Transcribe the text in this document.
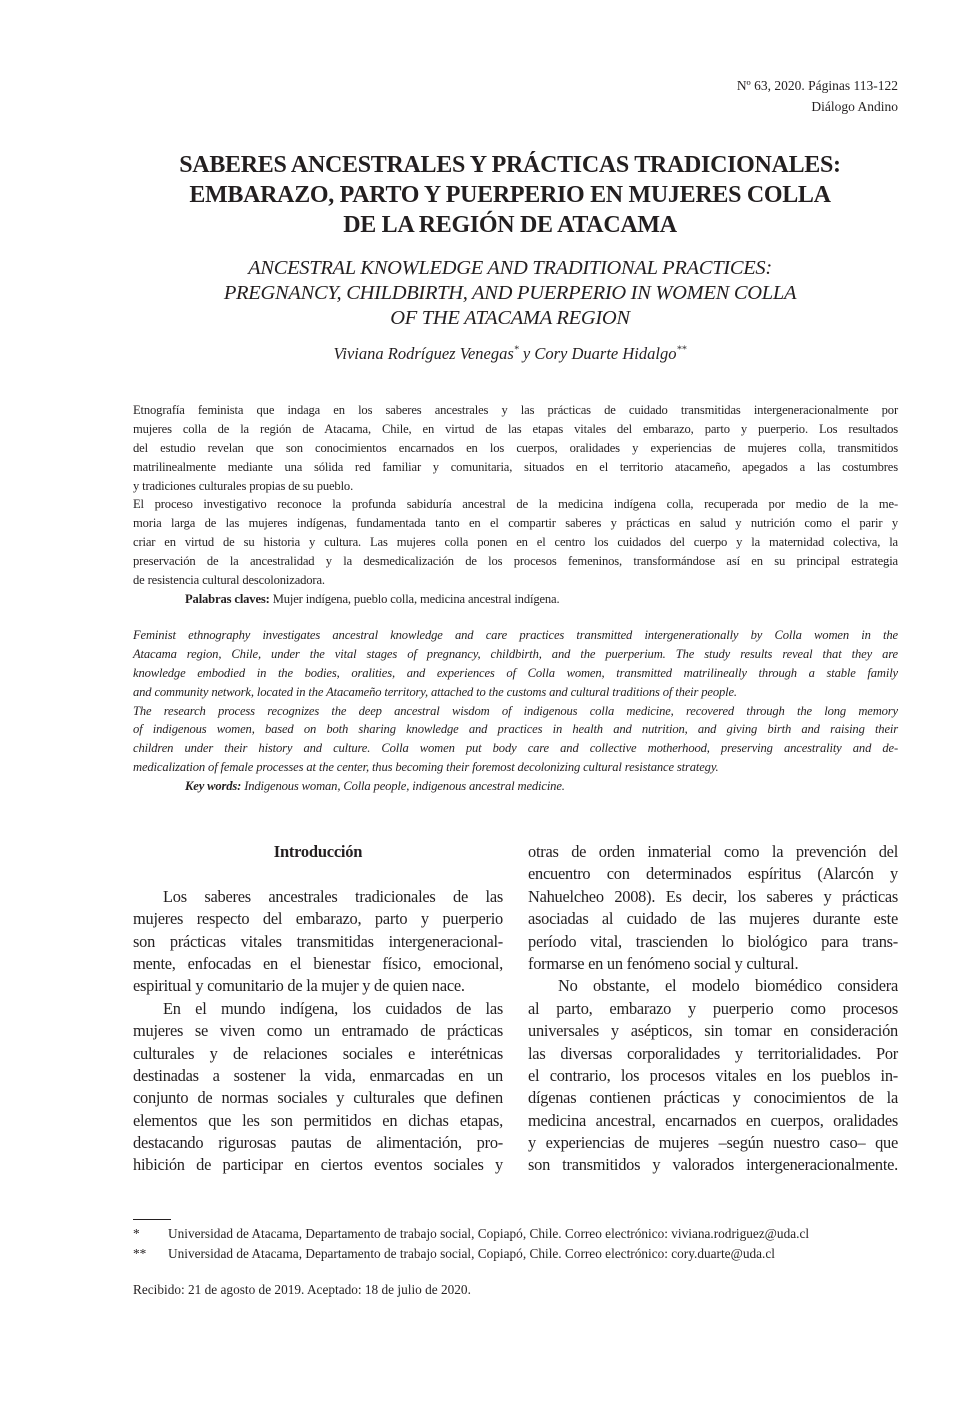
Nº 63, 2020. Páginas 113-122
Diálogo Andino
SABERES ANCESTRALES Y PRÁCTICAS TRADICIONALES:
EMBARAZO, PARTO Y PUERPERIO EN MUJERES COLLA
DE LA REGIÓN DE ATACAMA
ANCESTRAL KNOWLEDGE AND TRADITIONAL PRACTICES:
PREGNANCY, CHILDBIRTH, AND PUERPERIO IN WOMEN COLLA
OF THE ATACAMA REGION
Viviana Rodríguez Venegas* y Cory Duarte Hidalgo**
Etnografía feminista que indaga en los saberes ancestrales y las prácticas de cuidado transmitidas intergeneracionalmente por
mujeres colla de la región de Atacama, Chile, en virtud de las etapas vitales del embarazo, parto y puerperio. Los resultados
del estudio revelan que son conocimientos encarnados en los cuerpos, oralidades y experiencias de mujeres colla, transmitidos
matrilinealmente mediante una sólida red familiar y comunitaria, situados en el territorio atacameño, apegados a las costumbres
y tradiciones culturales propias de su pueblo.
El proceso investigativo reconoce la profunda sabiduría ancestral de la medicina indígena colla, recuperada por medio de la me-
moria larga de las mujeres indígenas, fundamentada tanto en el compartir saberes y prácticas en salud y nutrición como el parir y
criar en virtud de su historia y cultura. Las mujeres colla ponen en el centro los cuidados del cuerpo y la maternidad colectiva, la
preservación de la ancestralidad y la desmedicalización de los procesos femeninos, transformándose así en su principal estrategia
de resistencia cultural descolonizadora.
Palabras claves: Mujer indígena, pueblo colla, medicina ancestral indígena.
Feminist ethnography investigates ancestral knowledge and care practices transmitted intergenerationally by Colla women in the
Atacama region, Chile, under the vital stages of pregnancy, childbirth, and the puerperium. The study results reveal that they are
knowledge embodied in the bodies, oralities, and experiences of Colla women, transmitted matrilineally through a stable family
and community network, located in the Atacameño territory, attached to the customs and cultural traditions of their people.
The research process recognizes the deep ancestral wisdom of indigenous colla medicine, recovered through the long memory
of indigenous women, based on both sharing knowledge and practices in health and nutrition, and giving birth and raising their
children under their history and culture. Colla women put body care and collective motherhood, preserving ancestrality and de-
medicalization of female processes at the center, thus becoming their foremost decolonizing cultural resistance strategy.
Key words: Indigenous woman, Colla people, indigenous ancestral medicine.
Introducción
Los saberes ancestrales tradicionales de las
mujeres respecto del embarazo, parto y puerperio
son prácticas vitales transmitidas intergeneracional-
mente, enfocadas en el bienestar físico, emocional,
espiritual y comunitario de la mujer y de quien nace.
En el mundo indígena, los cuidados de las
mujeres se viven como un entramado de prácticas
culturales y de relaciones sociales e interétnicas
destinadas a sostener la vida, enmarcadas en un
conjunto de normas sociales y culturales que definen
elementos que les son permitidos en dichas etapas,
destacando rigurosas pautas de alimentación, pro-
hibición de participar en ciertos eventos sociales y
otras de orden inmaterial como la prevención del
encuentro con determinados espíritus (Alarcón y
Nahuelcheo 2008). Es decir, los saberes y prácticas
asociadas al cuidado de las mujeres durante este
período vital, trascienden lo biológico para trans-
formarse en un fenómeno social y cultural.
No obstante, el modelo biomédico considera
al parto, embarazo y puerperio como procesos
universales y asépticos, sin tomar en consideración
las diversas corporalidades y territorialidades. Por
el contrario, los procesos vitales en los pueblos in-
dígenas contienen prácticas y conocimientos de la
medicina ancestral, encarnados en cuerpos, oralidades
y experiencias de mujeres –según nuestro caso– que
son transmitidos y valorados intergeneracionalmente.
* Universidad de Atacama, Departamento de trabajo social, Copiapó, Chile. Correo electrónico: viviana.rodriguez@uda.cl
** Universidad de Atacama, Departamento de trabajo social, Copiapó, Chile. Correo electrónico: cory.duarte@uda.cl
Recibido: 21 de agosto de 2019. Aceptado: 18 de julio de 2020.
